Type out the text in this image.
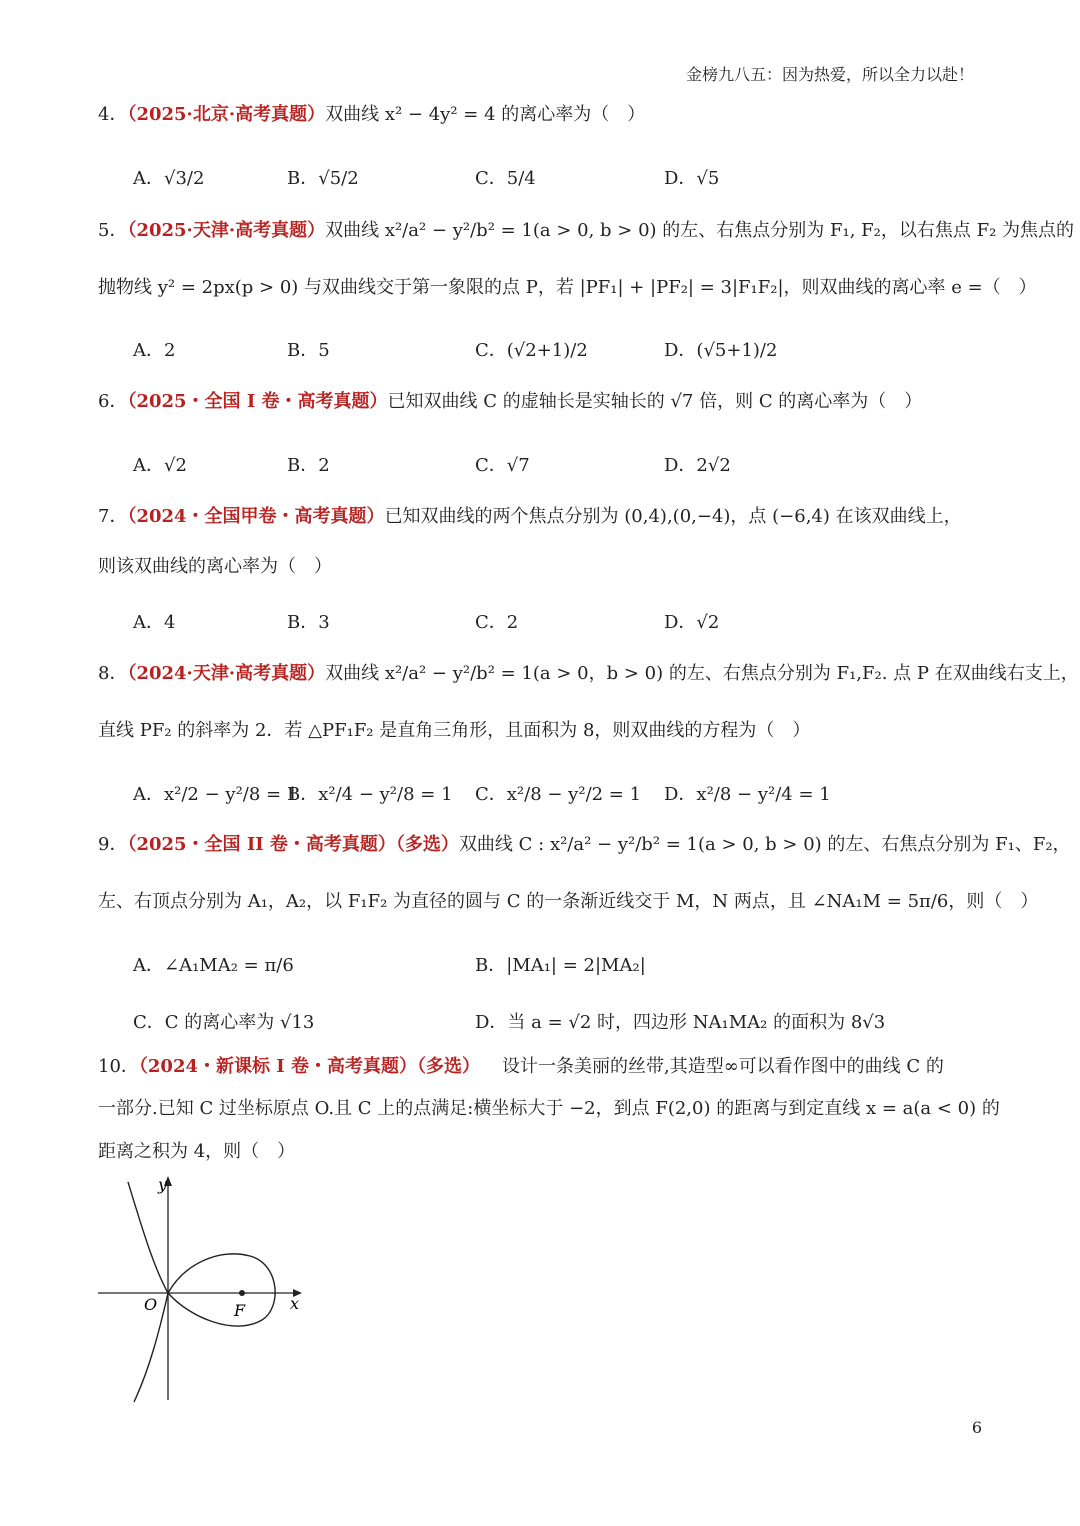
金榜九八五：因为热爱，所以全力以赴！
4．（2025·北京·高考真题）双曲线 x² − 4y² = 4 的离心率为（　）
A．√3/2	B．√5/2	C．5/4	D．√5
5．（2025·天津·高考真题）双曲线 x²/a² − y²/b² = 1(a > 0, b > 0) 的左、右焦点分别为 F₁, F₂，以右焦点 F₂ 为焦点的
抛物线 y² = 2px(p > 0) 与双曲线交于第一象限的点 P，若 |PF₁| + |PF₂| = 3|F₁F₂|，则双曲线的离心率 e =（　）
A．2	B．5	C．(√2+1)/2	D．(√5+1)/2
6．（2025・全国 I 卷・高考真题）已知双曲线 C 的虚轴长是实轴长的 √7 倍，则 C 的离心率为（　）
A．√2	B．2	C．√7	D．2√2
7．（2024・全国甲卷・高考真题）已知双曲线的两个焦点分别为 (0,4),(0,−4)，点 (−6,4) 在该双曲线上，
则该双曲线的离心率为（　）
A．4	B．3	C．2	D．√2
8．（2024·天津·高考真题）双曲线 x²/a² − y²/b² = 1(a > 0，b > 0) 的左、右焦点分别为 F₁,F₂. 点 P 在双曲线右支上，
直线 PF₂ 的斜率为 2．若 △PF₁F₂ 是直角三角形，且面积为 8，则双曲线的方程为（　）
A．x²/2 − y²/8 = 1
B．x²/4 − y²/8 = 1 C．x²/8 − y²/2 = 1 D．x²/8 − y²/4 = 1
9．（2025・全国 II 卷・高考真题）（多选）双曲线 C : x²/a² − y²/b² = 1(a > 0, b > 0) 的左、右焦点分别为 F₁、F₂，
左、右顶点分别为 A₁，A₂，以 F₁F₂ 为直径的圆与 C 的一条渐近线交于 M，N 两点，且 ∠NA₁M = 5π/6，则（　）
A．∠A₁MA₂ = π/6	B．|MA₁| = 2|MA₂|
C．C 的离心率为 √13	D．当 a = √2 时，四边形 NA₁MA₂ 的面积为 8√3
10．（2024・新课标 I 卷・高考真题）（多选） 设计一条美丽的丝带,其造型∞可以看作图中的曲线 C 的
一部分.已知 C 过坐标原点 O.且 C 上的点满足:横坐标大于 −2，到点 F(2,0) 的距离与到定直线 x = a(a < 0) 的
距离之积为 4，则（　）
y
x
O	F
6
